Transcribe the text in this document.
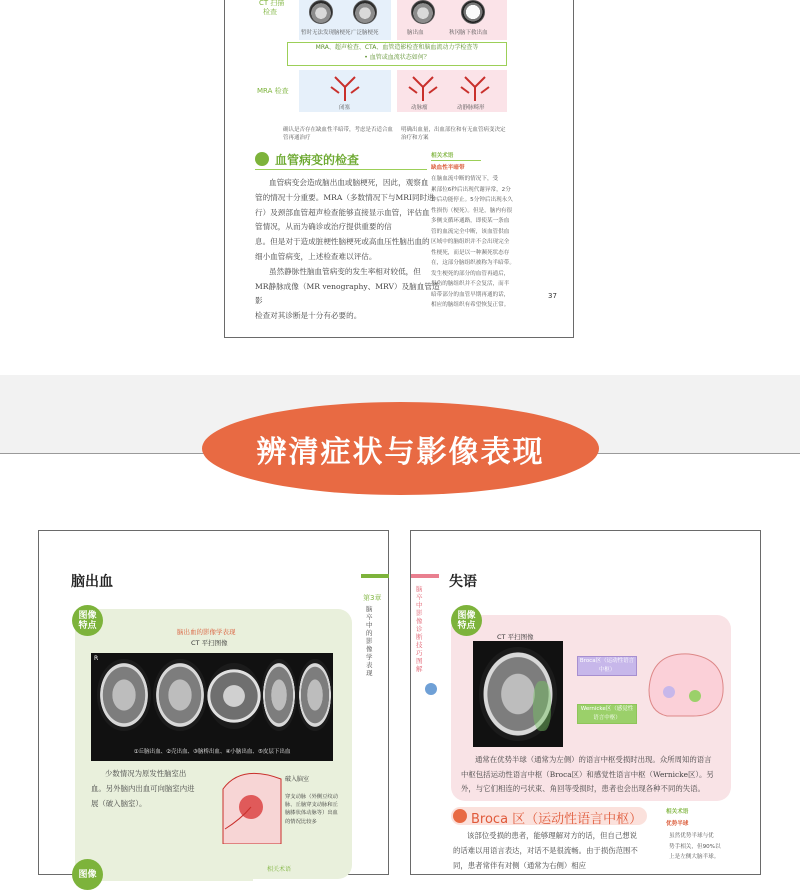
CT 扫描
检查
暂时无法发现脑梗死 广泛脑梗死	脑出血	秋冈脑下救出血
MRA、超声检查、CTA、血管造影检查和脑血流动力学检查等
• 血管或血流状态如何？
MRA 检查
闭塞	动脉瘤	动静脉畸形
确认是否存在缺血性半暗带，考虑是否适合血管再通治疗
明确出血量，出血部位和有无血管病变决定治疗和方案
血管病变的检查
血管病变会造成脑出血或脑梗死，因此，观察血
管的情况十分重要。MRA（多数情况下与MRI同时进
行）及颈部血管超声检查能够直接显示血管，评估血
管情况，从而为确诊或治疗提供重要的信
息。但是对于造成脏梗性脑梗死或高血压性脑出血的
细小血管病变，上述检查难以评估。
虽然静脉性脑血管病变的发生率相对较低，但
MR静脉成像（MR venography、MRV）及脑血管造影
检查对其诊断是十分有必要的。
相关术语
缺血性半暗带
在脑血流中断的情况下，受
累部位6秒后出现代谢异常，2分
钟后功能停止。5分钟后出现永久
性损伤（梗死）。但是，脑内有很
多侧支循环通路，即使某一条血
管的血流完全中断，该血管供血
区域中的脑组织并不会出现完全
性梗死，而是以一种濒死状态存
在，这部分脑组织被称为半暗带。
发生梗死的部分的血管再通后，
损伤的脑组织并不会复活，而半
暗带部分的血管早期再通的话，
相应的脑组织有希望恢复正常。
37
辨清症状与影像表现
脑出血
第3章
脑卒中的影像学表现
图像
特点
脑出血的影像学表现
CT 平扫图像
R
①丘脑出血、②壳出血、③脑桥出血、④小脑出血、⑤皮层下出血
少数情况为原发性脑室出
血。另外脑内出血可向脑室内进
展（破入脑室）。
破入脑室
穿支动脉（外侧豆纹动脉、丘脑穿支动脉和丘脑膝状体动脉等）出血的情况比较多
图像	相关术语
脑卒中影像诊断技巧图解
失语
图像
特点
CT 平扫图像
Broca区（运动性语言中枢）
Wernicke区（感觉性语言中枢）
通常在优势半球（通常为左侧）的语言中枢受损时出现。众所周知的语言
中枢包括运动性语言中枢（Broca区）和感觉性语言中枢（Wernicke区）。另
外，与它们相连的弓状束、角回等受损时，患者也会出现各种不同的失语。
Broca 区（运动性语言中枢）
该部位受损的患者，能够理解对方的话，但自己想说
的话难以用语言表达，对话不是很流畅。由于损伤范围不
同，患者常伴有对侧（通常为右侧）相应
相关术语
优势半球
虽然优势半球与优
势手相关，但90%以
上是左侧大脑半球。
